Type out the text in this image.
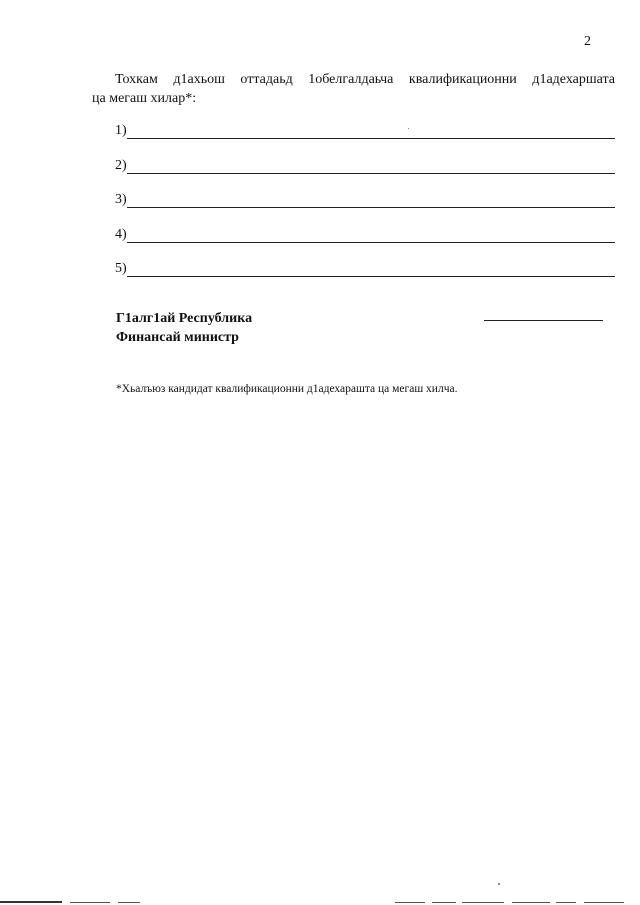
2
Тохкам д1ахьош оттадаьд 1обелгалдаьча квалификационни д1адехаршата
ца мегаш хилар*:
1)
2)
3)
4)
5)
Г1алг1ай Республика
Финансай министр
*Хьалъюз кандидат квалификационни д1адехарашта ца мегаш хилча.
